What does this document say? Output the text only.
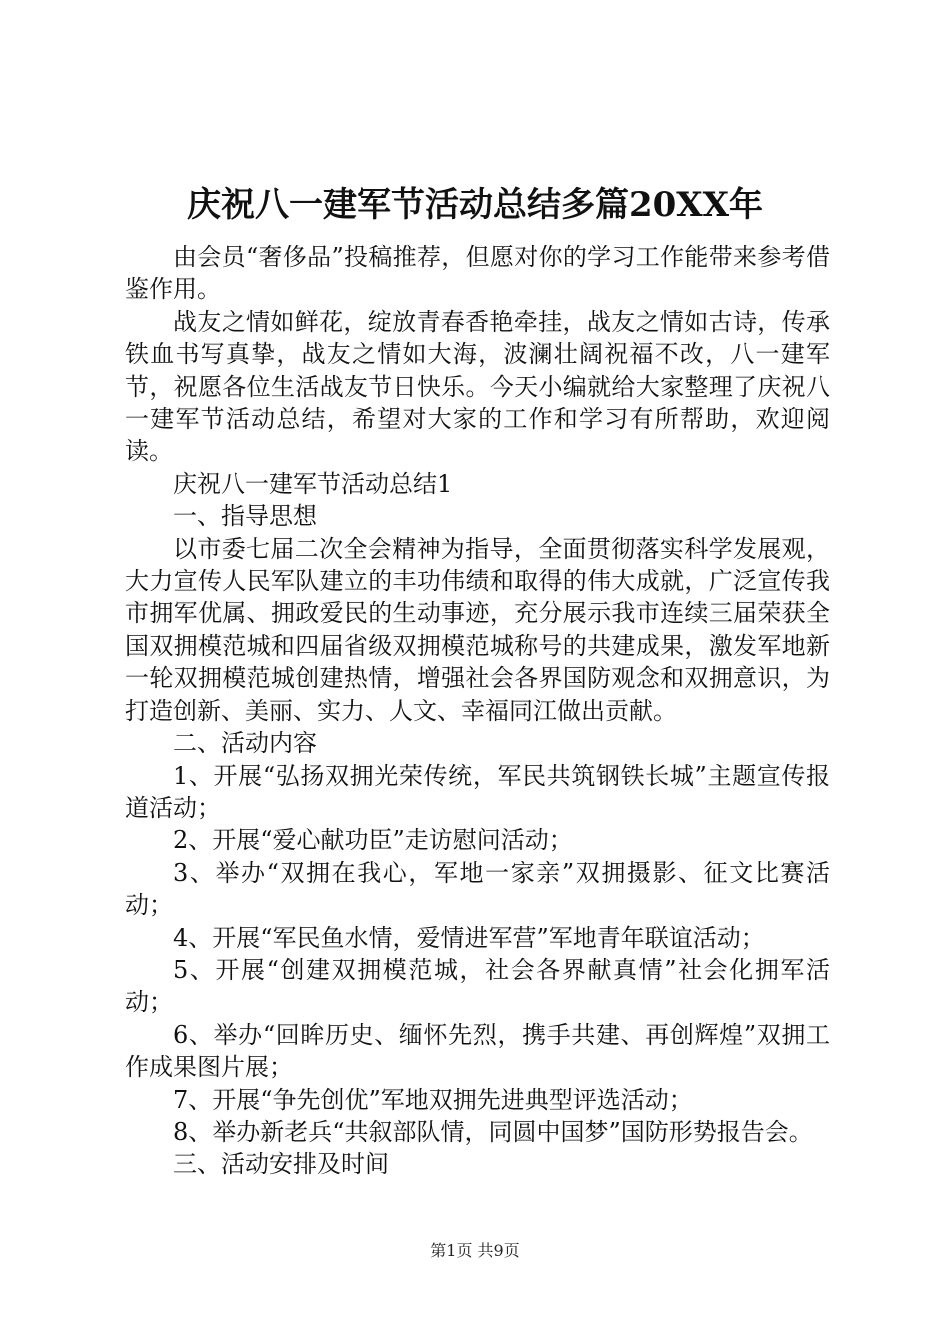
庆祝八一建军节活动总结多篇20XX年

由会员“奢侈品”投稿推荐，但愿对你的学习工作能带来参考借鉴作用。

战友之情如鲜花，绽放青春香艳牵挂，战友之情如古诗，传承铁血书写真挚，战友之情如大海，波澜壮阔祝福不改，八一建军节，祝愿各位生活战友节日快乐。今天小编就给大家整理了庆祝八一建军节活动总结，希望对大家的工作和学习有所帮助，欢迎阅读。

庆祝八一建军节活动总结1

一、指导思想

以市委七届二次全会精神为指导，全面贯彻落实科学发展观，大力宣传人民军队建立的丰功伟绩和取得的伟大成就，广泛宣传我市拥军优属、拥政爱民的生动事迹，充分展示我市连续三届荣获全国双拥模范城和四届省级双拥模范城称号的共建成果，激发军地新一轮双拥模范城创建热情，增强社会各界国防观念和双拥意识，为打造创新、美丽、实力、人文、幸福同江做出贡献。

二、活动内容

1、开展“弘扬双拥光荣传统，军民共筑钢铁长城”主题宣传报道活动；

2、开展“爱心献功臣”走访慰问活动；

3、举办“双拥在我心，军地一家亲”双拥摄影、征文比赛活动；

4、开展“军民鱼水情，爱情进军营”军地青年联谊活动；

5、开展“创建双拥模范城，社会各界献真情”社会化拥军活动；

6、举办“回眸历史、缅怀先烈，携手共建、再创辉煌”双拥工作成果图片展；

7、开展“争先创优”军地双拥先进典型评选活动；

8、举办新老兵“共叙部队情，同圆中国梦”国防形势报告会。

三、活动安排及时间

第1页 共9页
